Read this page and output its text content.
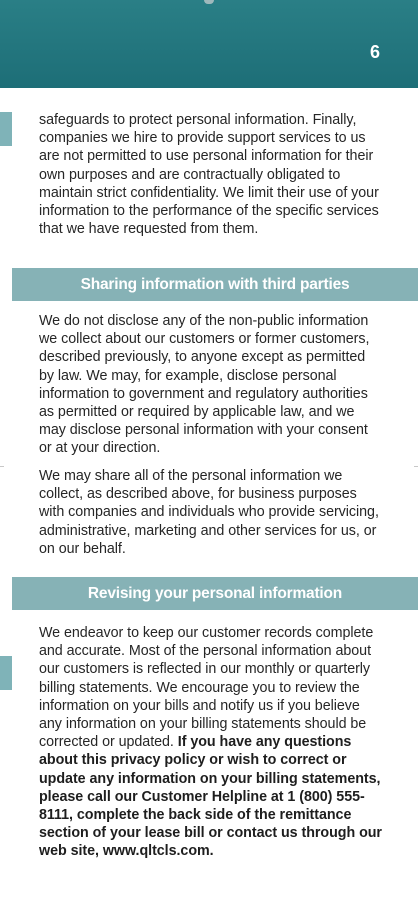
6

safeguards to protect personal information. Finally, companies we hire to provide support services to us are not permitted to use personal information for their own purposes and are contractually obligated to maintain strict confidentiality. We limit their use of your information to the performance of the specific services that we have requested from them.

Sharing information with third parties

We do not disclose any of the non-public information we collect about our customers or former customers, described previously, to anyone except as permitted by law. We may, for example, disclose personal information to government and regulatory authorities as permitted or required by applicable law, and we may disclose personal information with your consent or at your direction.

We may share all of the personal information we collect, as described above, for business purposes with companies and individuals who provide servicing, administrative, marketing and other services for us, or on our behalf.

Revising your personal information

We endeavor to keep our customer records complete and accurate. Most of the personal information about our customers is reflected in our monthly or quarterly billing statements. We encourage you to review the information on your bills and notify us if you believe any information on your billing statements should be corrected or updated. If you have any questions about this privacy policy or wish to correct or update any information on your billing statements, please call our Customer Helpline at 1 (800) 555-8111, complete the back side of the remittance section of your lease bill or contact us through our web site, www.qltcls.com.
